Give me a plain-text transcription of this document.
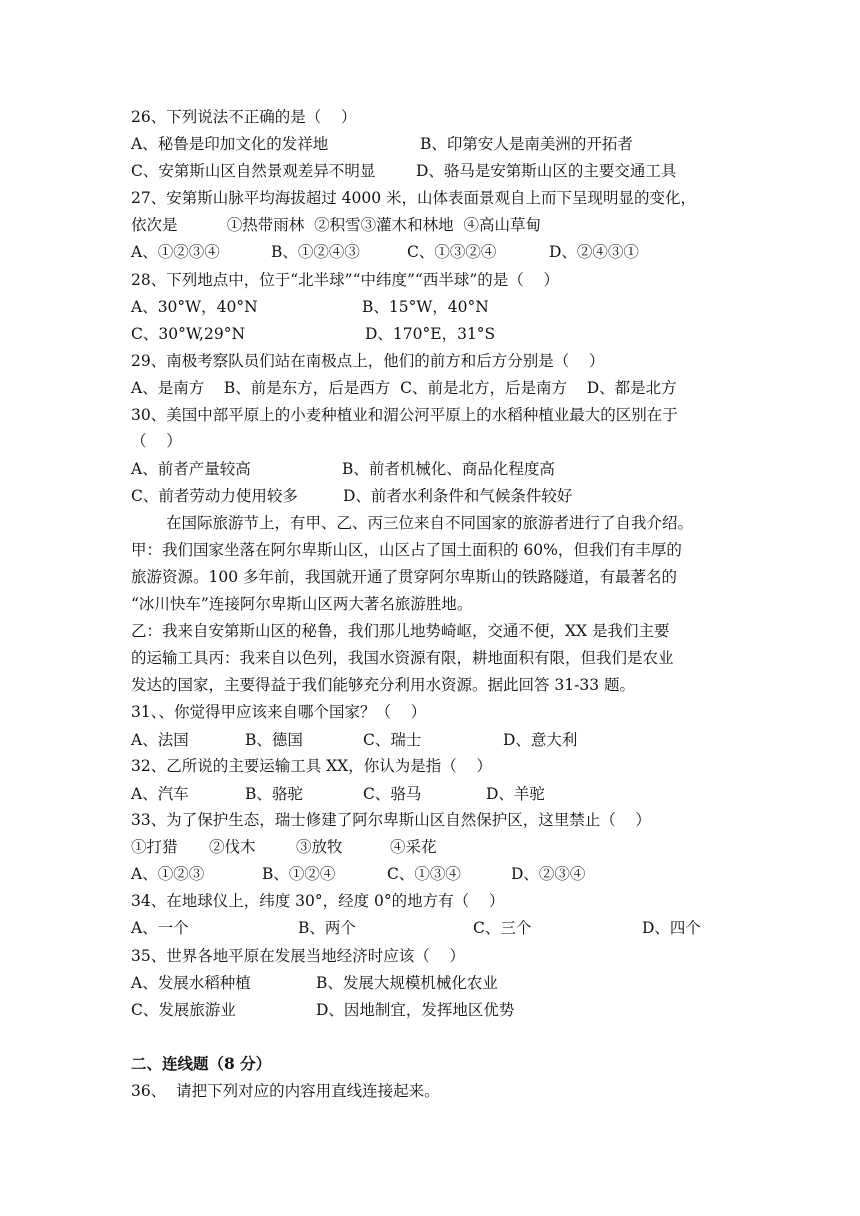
26、下列说法不正确的是（    ）

A、秘鲁是印加文化的发祥地

	B、印第安人是南美洲的开拓者

C、安第斯山区自然景观差异不明显

	D、骆马是安第斯山区的主要交通工具

27、安第斯山脉平均海拔超过 4000 米，山体表面景观自上而下呈现明显的变化，
依次是          ①热带雨林  ②积雪③灌木和林地  ④高山草甸

A、①②③④

	B、①②④③

	C、①③②④

	D、②④③①

28、下列地点中，位于“北半球”“中纬度”“西半球”的是（    ）

A、30°W，40°N

	B、15°W，40°N

C、30°W,29°N

	D、170°E，31°S

29、南极考察队员们站在南极点上，他们的前方和后方分别是（    ）
A、是南方    B、前是东方，后是西方  C、前是北方，后是南方    D、都是北方
30、美国中部平原上的小麦种植业和湄公河平原上的水稻种植业最大的区别在于
（    ）

A、前者产量较高

	B、前者机械化、商品化程度高

C、前者劳动力使用较多

	D、前者水利条件和气候条件较好

在国际旅游节上，有甲、乙、丙三位来自不同国家的旅游者进行了自我介绍。
甲：我们国家坐落在阿尔卑斯山区，山区占了国土面积的 60%，但我们有丰厚的
旅游资源。100 多年前，我国就开通了贯穿阿尔卑斯山的铁路隧道，有最著名的
“冰川快车”连接阿尔卑斯山区两大著名旅游胜地。
乙：我来自安第斯山区的秘鲁，我们那儿地势崎岖，交通不便，XX 是我们主要
的运输工具丙：我来自以色列，我国水资源有限，耕地面积有限，但我们是农业
发达的国家，主要得益于我们能够充分利用水资源。据此回答 31-33 题。
31、、你觉得甲应该来自哪个国家？（    ）

A、法国

	B、德国

	C、瑞士

	D、意大利

32、乙所说的主要运输工具 XX，你认为是指（    ）

A、汽车

	B、骆驼

	C、骆马

	D、羊驼

33、为了保护生态，瑞士修建了阿尔卑斯山区自然保护区，这里禁止（    ）

①打猎

②伐木

	③放牧

	④采花

A、①②③

	B、①②④

	C、①③④

	D、②③④

34、在地球仪上，纬度 30°，经度 0°的地方有（    ）

A、一个

	B、两个

	C、三个

	D、四个

35、世界各地平原在发展当地经济时应该（    ）

A、发展水稻种植

	B、发展大规模机械化农业

C、发展旅游业

	D、因地制宜，发挥地区优势

二、连线题（8 分）
36、  请把下列对应的内容用直线连接起来。
